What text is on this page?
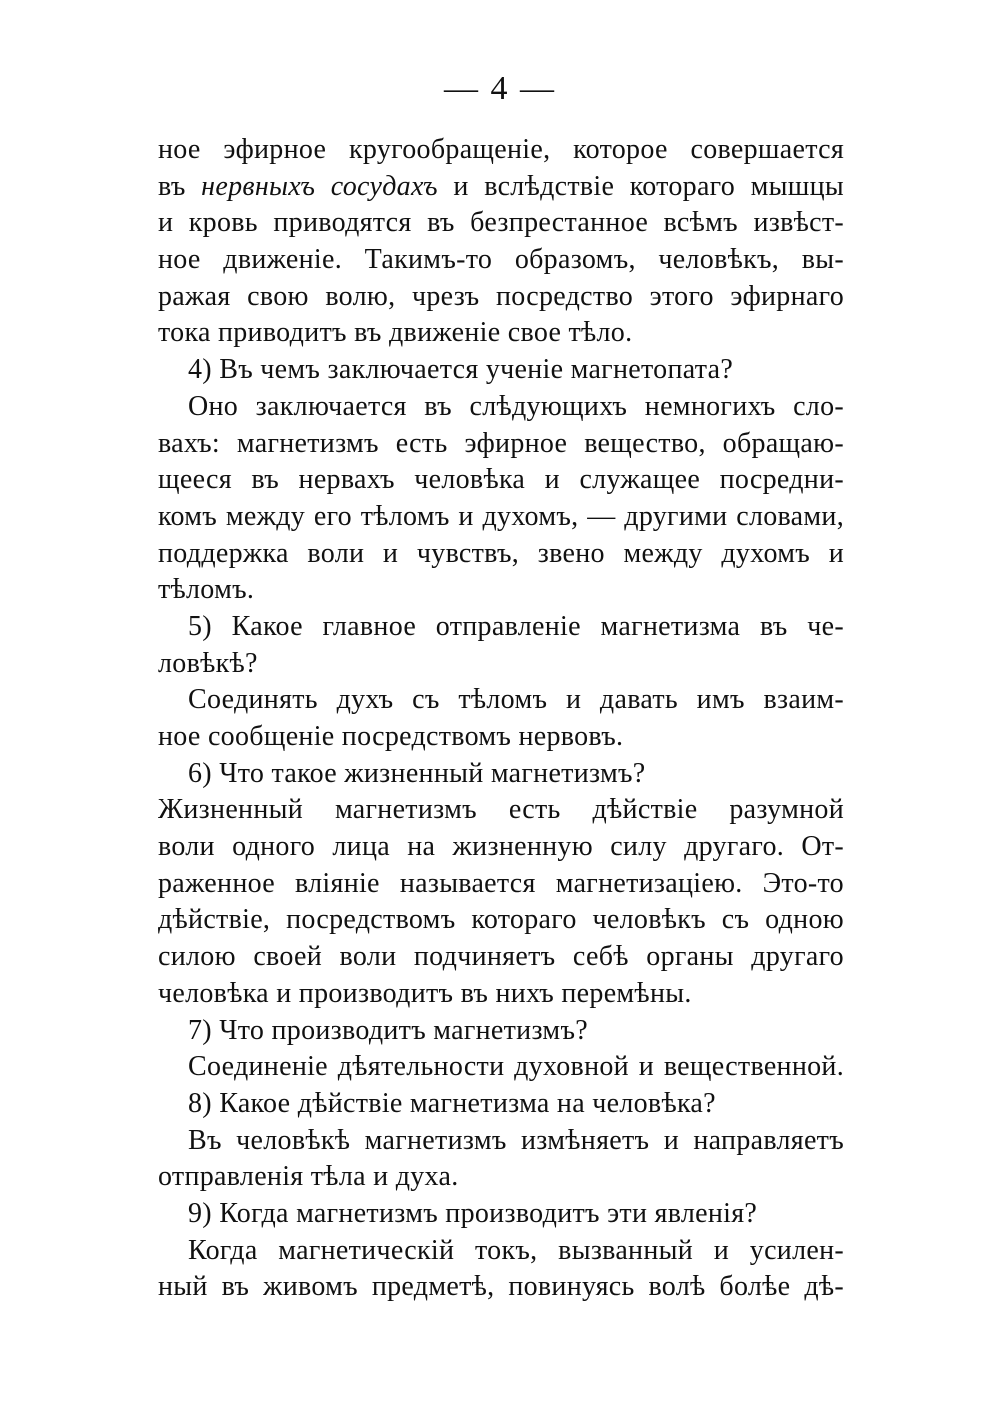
— 4 —
ное эфирное кругообращеніе, которое совершается
въ нервныхъ сосудахъ и вслѣдствіе котораго мышцы
и кровь приводятся въ безпрестанное всѣмъ извѣст-
ное движеніе. Такимъ-то образомъ, человѣкъ, вы-
ражая свою волю, чрезъ посредство этого эфирнаго
тока приводитъ въ движеніе свое тѣло.
4) Въ чемъ заключается ученіе магнетопата?
Оно заключается въ слѣдующихъ немногихъ сло-
вахъ: магнетизмъ есть эфирное вещество, обращаю-
щееся въ нервахъ человѣка и служащее посредни-
комъ между его тѣломъ и духомъ, — другими словами,
поддержка воли и чувствъ, звено между духомъ и
тѣломъ.
5) Какое главное отправленіе магнетизма въ че-
ловѣкѣ?
Соединять духъ съ тѣломъ и давать имъ взаим-
ное сообщеніе посредствомъ нервовъ.
6) Что такое жизненный магнетизмъ?
Жизненный магнетизмъ есть дѣйствіе разумной
воли одного лица на жизненную силу другаго. От-
раженное вліяніе называется магнетизаціею. Это-то
дѣйствіе, посредствомъ котораго человѣкъ съ одною
силою своей воли подчиняетъ себѣ органы другаго
человѣка и производитъ въ нихъ перемѣны.
7) Что производитъ магнетизмъ?
Соединеніе дѣятельности духовной и вещественной.
8) Какое дѣйствіе магнетизма на человѣка?
Въ человѣкѣ магнетизмъ измѣняетъ и направляетъ
отправленія тѣла и духа.
9) Когда магнетизмъ производитъ эти явленія?
Когда магнетическій токъ, вызванный и усилен-
ный въ живомъ предметѣ, повинуясь волѣ болѣе дѣ-
